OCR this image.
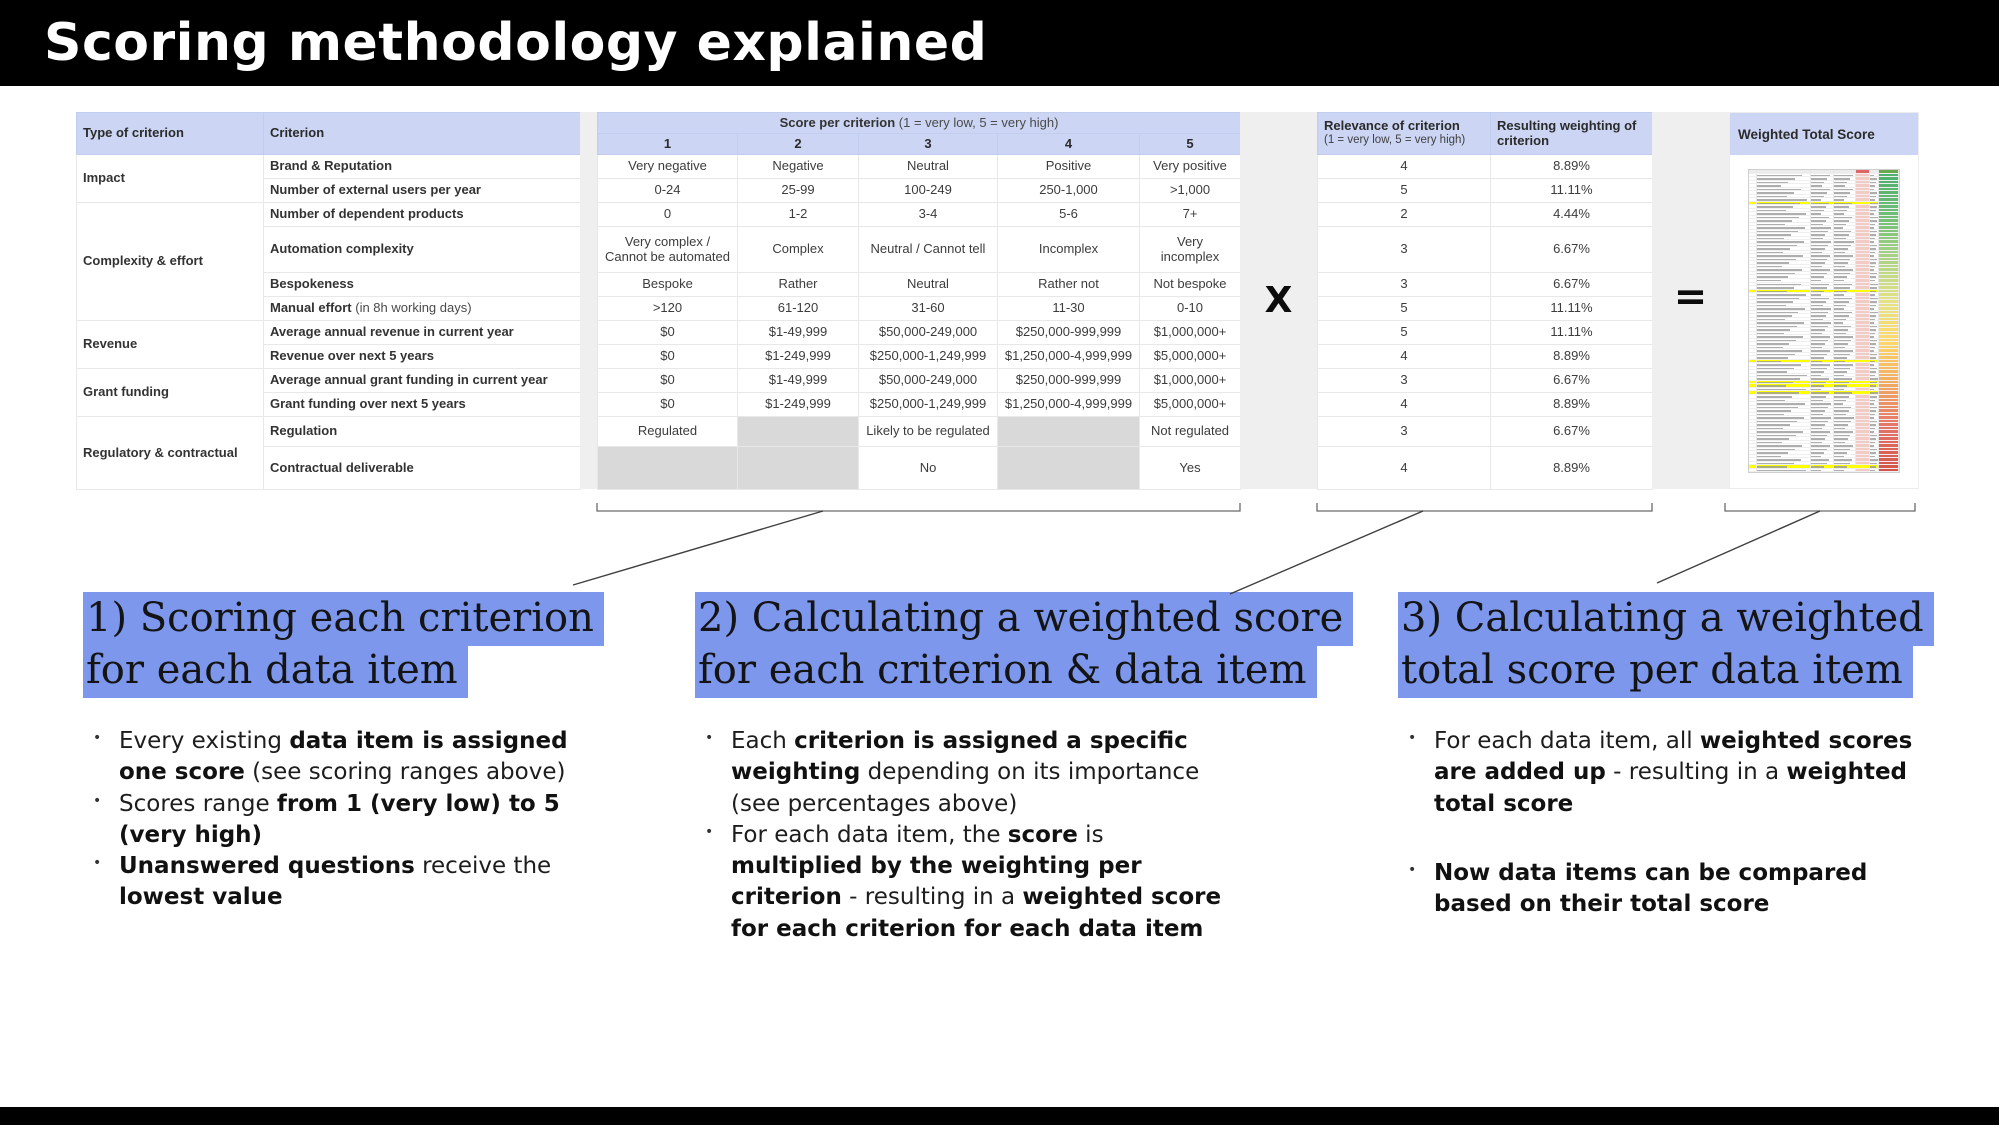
Scoring methodology explained
Type of criterion	Criterion
Impact	Brand & Reputation
	Number of external users per year
Complexity & effort	Number of dependent products
	Automation complexity
	Bespokeness
	Manual effort (in 8h working days)
Revenue	Average annual revenue in current year
	Revenue over next 5 years
Grant funding	Average annual grant funding in current year
	Grant funding over next 5 years
Regulatory & contractual	Regulation
	Contractual deliverable
Score per criterion (1 = very low, 5 = very high)				
1	2	3	4	5
Very negative	Negative	Neutral	Positive	Very positive
0-24	25-99	100-249	250-1,000	>1,000
0	1-2	3-4	5-6	7+
Very complex / Cannot be automated	Complex	Neutral / Cannot tell	Incomplex	Very incomplex
Bespoke	Rather	Neutral	Rather not	Not bespoke
>120	61-120	31-60	11-30	0-10
$0	$1-49,999	$50,000-249,000	$250,000-999,999	$1,000,000+
$0	$1-249,999	$250,000-1,249,999	$1,250,000-4,999,999	$5,000,000+
$0	$1-49,999	$50,000-249,000	$250,000-999,999	$1,000,000+
$0	$1-249,999	$250,000-1,249,999	$1,250,000-4,999,999	$5,000,000+
Regulated		Likely to be regulated		Not regulated
		No		Yes
X
Relevance of criterion
(1 = very low, 5 = very high)	Resulting weighting of criterion
4	8.89%
5	11.11%
2	4.44%
3	6.67%
3	6.67%
5	11.11%
5	11.11%
4	8.89%
3	6.67%
4	8.89%
3	6.67%
4	8.89%
=
Weighted Total Score
1) Scoring each criterion
for each data item
• Every existing data item is assigned one score (see scoring ranges above)
• Scores range from 1 (very low) to 5 (very high)
• Unanswered questions receive the lowest value
2) Calculating a weighted score
for each criterion & data item
• Each criterion is assigned a specific weighting depending on its importance (see percentages above)
• For each data item, the score is multiplied by the weighting per criterion - resulting in a weighted score for each criterion for each data item
3) Calculating a weighted
total score per data item
• For each data item, all weighted scores are added up - resulting in a weighted total score
• Now data items can be compared based on their total score
